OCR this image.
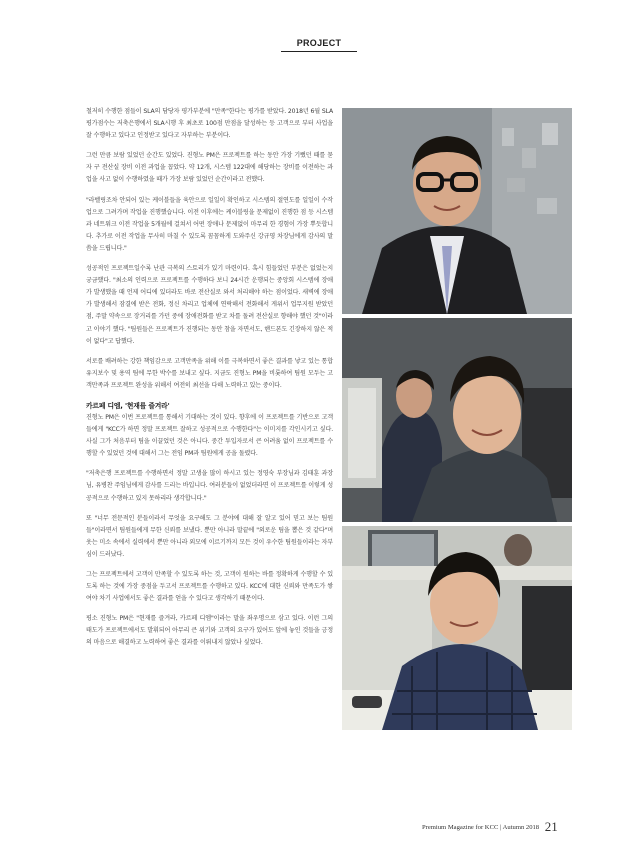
PROJECT

철저히 수행한 점들이 SLA의 담당자 평가부분에 "만족"한다는 평가를 받았다. 2018년 6월 SLA 평가점수는 저축은행에서 SLA시행 후 최초로 100점 만점을 달성하는 등 고객으로 부터 사업을 잘 수행하고 있다고 인정받고 있다고 자부하는 부분이다.

그런 만큼 보람 있었던 순간도 있었다. 진형노 PM은 프로젝트를 하는 동안 가장 기뻤던 때를 묻자 구 전산실 장비 이전 과업을 꼽았다. 약 12개, 시스템 122대에 해당하는 장비를 이전하는 과업을 사고 없이 수행하였을 때가 가장 보람 있었던 순간이라고 전했다.

"라벨링조차 안되어 있는 케이블들을 육안으로 일일이 확인하고 시스템의 절연도를 일일이 수작업으로 그려가며 작업을 진행했습니다. 이전 이후에는 케이블링을 문제없이 진행한 점 등 시스템과 네트워크 이전 작업을 5개월에 걸쳐서 어떤 장애나 문제없이 마무리 한 경험이 가장 뿌듯합니다. 추가로 이전 작업을 무사히 마칠 수 있도록 꼼꼼하게 도와주신 강규영 차장님에게 감사의 말씀을 드립니다."

성공적인 프로젝트일수록 난관 극복의 스토리가 있기 마련이다. 혹시 힘들었던 부분은 없었는지 궁금했다. "최소의 인력으로 프로젝트를 수행하다 보니 24시간 운행되는 중앙회 시스템에 장애가 발생했을 때 언제 어디에 있더라도 바로 전산실로 와서 처리해야 하는 점이었다. 새벽에 장애가 발생해서 잠결에 받은 전화, 정신 차리고 업체에 연락해서 전화해서 게위서 업무지원 받았던 점, 주말 약속으로 장거리를 가던 중에 장애전화를 받고 차를 돌려 전산실로 향해야 했던 것"이라고 이야기 했다. "팀원들은 프로젝트가 진행되는 동안 참을 자면서도, 핸드폰도 긴장하지 않은 적이 없다"고 답했다.

서로를 배려하는 강한 책임감으로 고객만족을 위해 이를 극복하면서 좋은 결과를 낳고 있는 통합유지보수 및 용역 팀에 무한 박수를 보내고 싶다. 지금도 진형노 PM을 비롯하여 팀원 모두는 고객만족과 프로젝트 완성을 위해서 여전히 최선을 다해 노력하고 있는 중이다.

카르페 디엠, '현재를 즐겨라'

진형노 PM은 이번 프로젝트를 통해서 기대하는 것이 있다. 향후에 이 프로젝트를 기반으로 고객들에게 "KCC가 하면 정말 프로젝트 잘하고 성공적으로 수행한다"는 이미지를 각인시키고 싶다. 사실 그가 처음부터 팀을 이끌었던 것은 아니다. 중간 투입자로서 큰 어려움 없이 프로젝트를 수행할 수 있었던 것에 대해서 그는 전임 PM과 팀원에게 공을 돌렸다.

"저축은행 프로젝트를 수행하면서 정말 고생을 많이 하시고 있는 정영숙 부장님과 김태훈 과장님, 유병찬 주임님에게 감사를 드리는 바입니다. 여러분들이 없었더라면 이 프로젝트를 이렇게 성공적으로 수행하고 있지 못하리라 생각합니다."

또 "너무 전문적인 분들이라서 무엇을 요구해도 그 분야에 대해 잘 알고 있어 믿고 보는 팀원들"이라면서 팀원들에게 무한 신뢰를 보냈다. 뿐만 아니라 말끝에 "외로운 팀을 뽑은 것 같다"며 웃는 미소 속에서 실력에서 뿐만 아니라 외모에 이르기까지 모든 것이 우수한 팀원들이라는 자부심이 드러났다.

그는 프로젝트에서 고객이 만족할 수 있도록 하는 것, 고객이 원하는 바를 정확하게 수행할 수 있도록 하는 것에 가장 중점을 두고서 프로젝트를 수행하고 있다. KCC에 대한 신뢰와 만족도가 쌓여야 차기 사업에서도 좋은 결과를 얻을 수 있다고 생각하기 때문이다.

평소 진형노 PM은 "현재를 즐겨라, 카르페 디엠"이라는 말을 좌우명으로 삼고 있다. 이런 그의 태도가 프로젝트에서도 발휘되어 아무리 큰 위기와 고객의 요구가 있어도 앞에 놓인 것들을 긍정의 마음으로 해결하고 노력하여 좋은 결과를 이뤄내지 않았나 싶었다.

Premium Magazine for KCC | Autumn 2018 21
